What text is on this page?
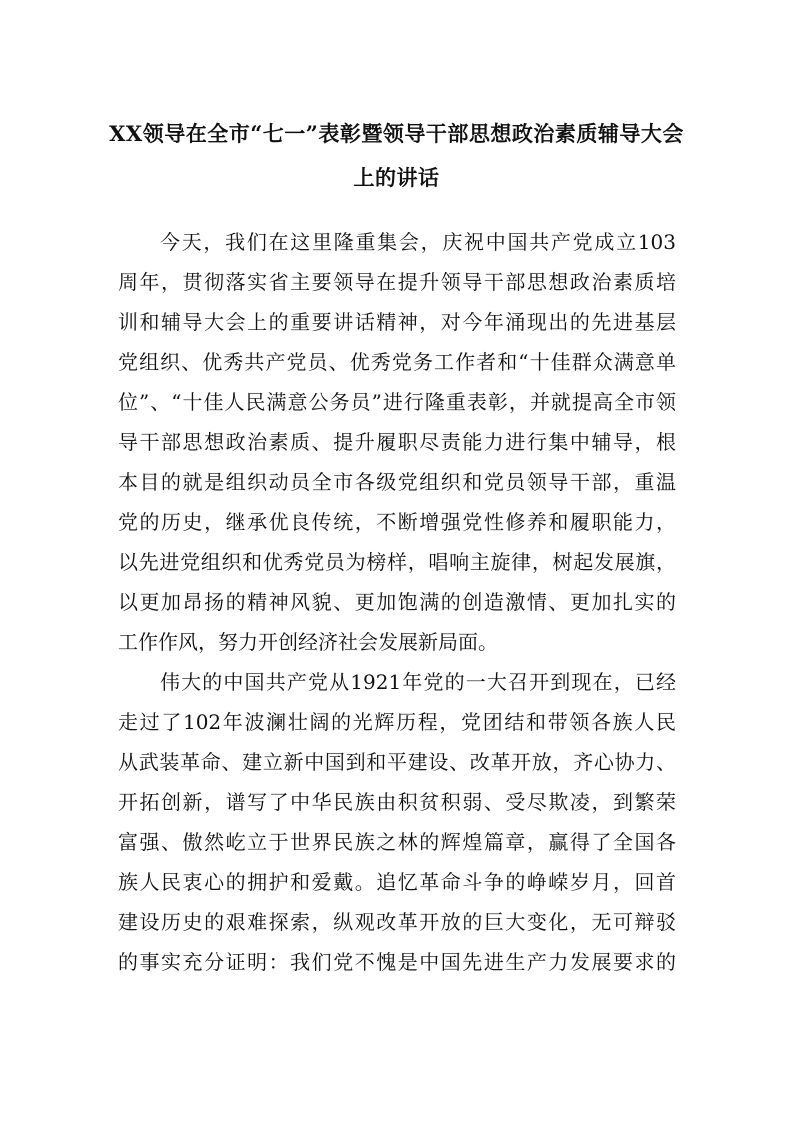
XX领导在全市“七一”表彰暨领导干部思想政治素质辅导大会
上的讲话
今天，我们在这里隆重集会，庆祝中国共产党成立103
周年，贯彻落实省主要领导在提升领导干部思想政治素质培
训和辅导大会上的重要讲话精神，对今年涌现出的先进基层
党组织、优秀共产党员、优秀党务工作者和“十佳群众满意单
位”、“十佳人民满意公务员”进行隆重表彰，并就提高全市领
导干部思想政治素质、提升履职尽责能力进行集中辅导，根
本目的就是组织动员全市各级党组织和党员领导干部，重温
党的历史，继承优良传统，不断增强党性修养和履职能力，
以先进党组织和优秀党员为榜样，唱响主旋律，树起发展旗，
以更加昂扬的精神风貌、更加饱满的创造激情、更加扎实的
工作作风，努力开创经济社会发展新局面。
伟大的中国共产党从1921年党的一大召开到现在，已经
走过了102年波澜壮阔的光辉历程，党团结和带领各族人民
从武装革命、建立新中国到和平建设、改革开放，齐心协力、
开拓创新，谱写了中华民族由积贫积弱、受尽欺凌，到繁荣
富强、傲然屹立于世界民族之林的辉煌篇章，赢得了全国各
族人民衷心的拥护和爱戴。追忆革命斗争的峥嵘岁月，回首
建设历史的艰难探索，纵观改革开放的巨大变化，无可辩驳
的事实充分证明：我们党不愧是中国先进生产力发展要求的
